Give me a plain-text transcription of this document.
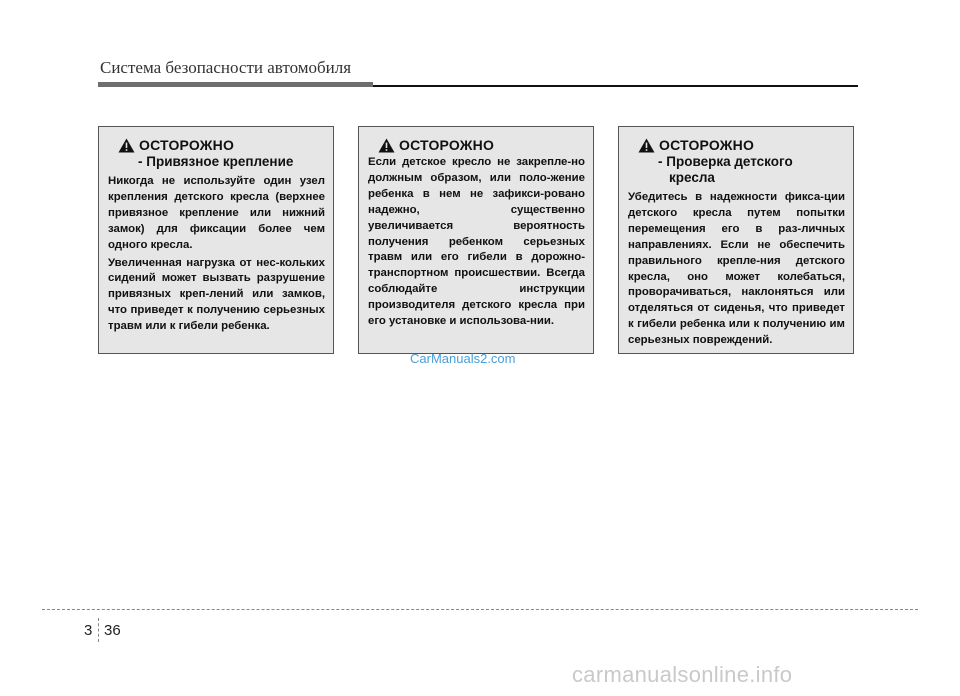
Система безопасности автомобиля
ОСТОРОЖНО
- Привязное крепление

Никогда не используйте один узел крепления детского кресла (верхнее привязное крепление или нижний замок) для фиксации более чем одного кресла.

Увеличенная нагрузка от нес-кольких сидений может вызвать разрушение привязных креп-лений или замков, что приведет к получению серьезных травм или к гибели ребенка.

ОСТОРОЖНО

Если детское кресло не закрепле-но должным образом, или поло-жение ребенка в нем не зафикси-ровано надежно, существенно увеличивается вероятность получения ребенком серьезных травм или его гибели в дорожно-транспортном происшествии. Всегда соблюдайте инструкции производителя детского кресла при его установке и использова-нии.

ОСТОРОЖНО
- Проверка детского
кресла

Убедитесь в надежности фикса-ции детского кресла путем попытки перемещения его в раз-личных направлениях. Если не обеспечить правильного крепле-ния детского кресла, оно может колебаться, проворачиваться, наклоняться или отделяться от сиденья, что приведет к гибели ребенка или к получению им серьезных повреждений.

CarManuals2.com
3 36
carmanualsonline.info
